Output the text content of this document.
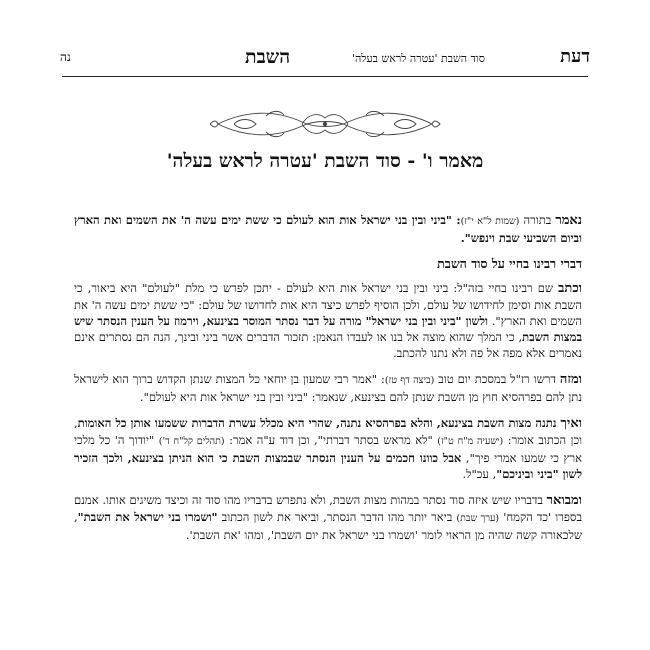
דעת
סוד השבת 'עטרה לראש בעלה'
השבת
נה
מאמר ו' - סוד השבת 'עטרה לראש בעלה'

נאמר בתורה (שמות ל"א י"ז): "ביני ובין בני ישראל אות הוא לעולם כי ששת ימים עשה ה' את השמים ואת הארץ וביום השביעי שבת וינפש".

דברי רבינו בחיי על סוד השבת

וכתב שם רבינו בחיי בזה"ל: ביני ובין בני ישראל אות היא לעולם - יתכן לפרש כי מלת "לעולם" היא ביאור, כי השבת אות וסימן לחידושו של עולם, ולכן הוסיף לפרש כיצד היא אות לחדושו של עולם: "כי ששת ימים עשה ה' את השמים ואת הארץ". ולשון "ביני ובין בני ישראל" מורה על דבר נסתר המוסר בצינעא, וירמוז על הענין הנסתר שיש במצות השבת, כי המלך שהוא מוצה אל בנו או לעבדו הנאמן: תזכור הדברים אשר ביני ובינך, הנה הם נסתרים אינם נאמרים אלא מפה אל פה ולא נתנו להכתב.

ומזה דרשו רז"ל במסכת יום טוב (ביצה דף טז): "אמר רבי שמעון בן יוחאי כל המצות שנתן הקדוש ברוך הוא לישראל נתן להם בפרהסיא חוץ מן השבת שנתן להם בצינעא, שנאמר: "ביני ובין בני ישראל אות היא לעולם".

ואיך נתנה מצות השבת בצינעא, והלא בפרהסיא נתנה, שהרי היא מכלל עשרת הדברות ששמעו אותן כל האומות, וכן הכתוב אומר: (ישעיה מ"ח ט"ז) "לא מראש בסתר דברתי", וכן דוד ע"ה אמר: (תהלים קל"ח ד') "יודוך ה' כל מלכי ארץ כי שמעו אמרי פיך", אבל כוונו חכמים על הענין הנסתר שבמצות השבת כי הוא הניתן בצינעא, ולכך הזכיר לשון "ביני וביניכם", עכ"ל.

ומבואר בדבריו שיש איזה סוד נסתר במהות מצות השבת, ולא נתפרש בדבריו מהו סוד זה וכיצד משיגים אותו. אמנם בספרו 'כד הקמח' (ערך שבת) ביאר יותר מהו הדבר הנסתר, וביאר את לשון הכתוב "ושמרו בני ישראל את השבת", שלכאורה קשה שהיה מן הראוי לומר 'ושמרו בני ישראל את יום השבת', ומהו 'את השבת'.
